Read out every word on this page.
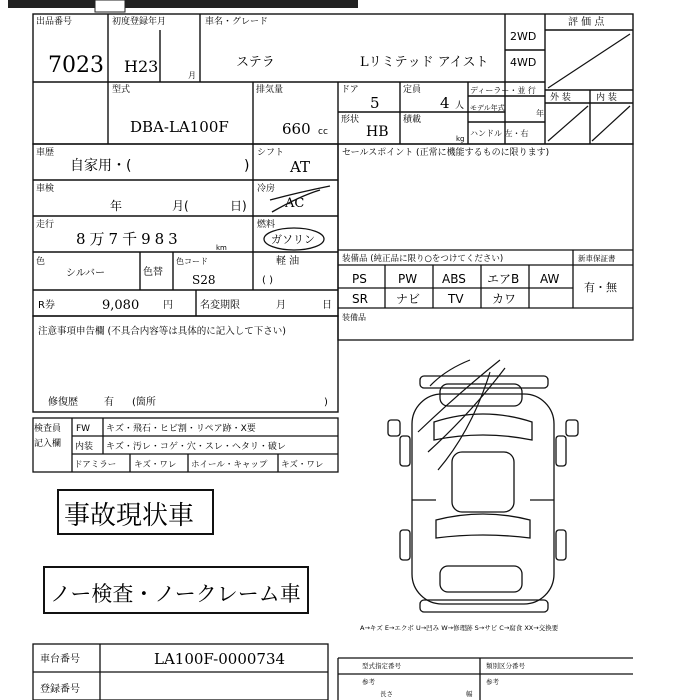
出品番号
7023
初度登録年月
H23	月
車名・グレード
ステラ	Lリミテッド アイスト
2WD
4WD
評 価 点
外 装	内 装
型式
DBA-LA100F
排気量
660 cc
ドア
5
定員
4 人
形状
HB
積載
kg
ディーラー・並 行
モデル年式
年
ハンドル 左・右
車歴
自家用・(	)
シフト
AT
車検
年	月(	日)
冷房
AC
走行
8万7千983	km
燃料
ガソリン
色
シルバー	色替
色コード
S28
軽 油
( )
R券	9,080 円	名変期限	月	日
注意事項申告欄 (不具合内容等は具体的に記入して下さい)
修復歴	有 (箇所	)
検査員
記入欄
FW キズ・飛石・ヒビ割・リペア跡・X要
内装 キズ・汚レ・コゲ・穴・スレ・ヘタリ・破レ
ドアミラー キズ・ワレ ホイール・キャップ キズ・ワレ
事故現状車
ノー検査・ノークレーム車
セールスポイント (正常に機能するものに限ります)
装備品 (純正品に限り○をつけてください)	新車保証書
PS	PW ABS エアB AW
SR ナビ TV カワ
有・無
装備品
A→キズ E→エクボ U→凹み W→修理跡 S→サビ C→腐食 XX→交換要
車台番号	LA100F-0000734
登録番号
型式指定番号	類別区分番号
参考	参考
長さ	幅
